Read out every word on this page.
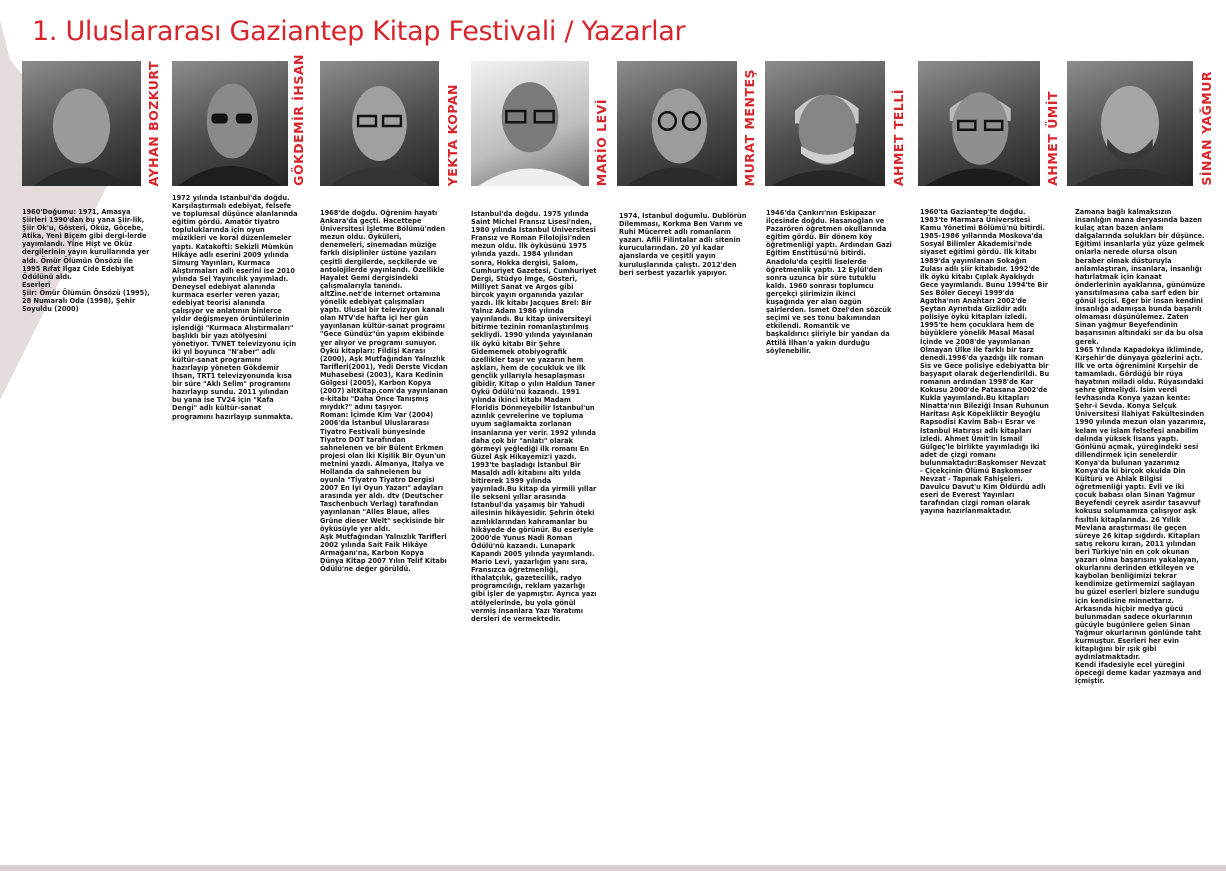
1. Uluslararası Gaziantep Kitap Festivali / Yazarlar
AYHAN BOZKURT

1960'Doğumu: 1971, Amasya Şiirleri 1990'dan bu yana Şiir-lik, Şiir Ok'u, Gösteri, Öküz, Göçebe, Atika, Yeni Biçem gibi dergi-lerde yayımlandı. Yine Hişt ve Öküz dergilerinin yayın kurullarında yer aldı. Ömür Ölümün Önsözü ile 1995 Rıfat Ilgaz Cide Edebiyat Ödülünü aldı.
Eserleri
Şiir: Ömür Ölümün Önsözü (1995), 28 Numaralı Oda (1998), Şehir Soyuldu (2000)

GÖKDEMİR İHSAN

1972 yılında İstanbul'da doğdu. Karşılaştırmalı edebiyat, felsefe ve toplumsal düşünce alanlarında eğitim gördü. Amatör tiyatro topluluklarında için oyun müzikleri ve koral düzenlemeler yaptı. Katakofti: Sekizli Mümkün Hikâye adlı eserini 2009 yılında Simurg Yayınları, Kurmaca Alıştırmaları adlı eserini ise 2010 yılında Sel Yayıncılık yayımladı. Deneysel edebiyat alanında kurmaca eserler veren yazar, edebiyat teorisi alanında çalışıyor ve anlatının binlerce yıldır değişmeyen örüntülerinin işlendiği "Kurmaca Alıştırmaları" başlıklı bir yazı atölyesini yönetiyor. TVNET televizyonu için iki yıl boyunca "N'aber" adlı kültür-sanat programını hazırlayıp yöneten Gökdemir İhsan, TRT1 televizyonunda kısa bir süre "Aklı Selim" programını hazırlayıp sundu. 2011 yılından bu yana ise TV24 için "Kafa Dengi" adlı kültür-sanat programını hazırlayıp sunmakta.

YEKTA KOPAN

1968'de doğdu. Öğrenim hayatı Ankara'da geçti. Hacettepe Üniversitesi İşletme Bölümü'nden mezun oldu. Öyküleri, denemeleri, sinemadan müziğe farklı disiplinler üstüne yazıları çeşitli dergilerde, seçkilerde ve antolojilerde yayınlandı. Özellikle Hayalet Gemi dergisindeki çalışmalarıyla tanındı. altZine.net'de internet ortamına yönelik edebiyat çalışmaları yaptı. Ulusal bir televizyon kanalı olan NTV'de hafta içi her gün yayınlanan kültür-sanat programı "Gece Gündüz"ün yapım ekibinde yer alıyor ve programı sunuyor.
Öykü kitapları: Fildişi Karası (2000), Aşk Mutfağından Yalnızlık Tarifleri(2001), Yedi Derste Vicdan Muhasebesi (2003), Kara Kedinin Gölgesi (2005), Karbon Kopya (2007) altKitap.com'da yayınlanan e-kitabı "Daha Önce Tanışmış mıydık?" adını taşıyor.
Roman: İçimde Kim Var (2004)
2006'da İstanbul Uluslararası Tiyatro Festivali bünyesinde Tiyatro DOT tarafından sahnelenen ve bir Bülent Erkmen projesi olan İki Kişilik Bir Oyun'un metnini yazdı. Almanya, İtalya ve Hollanda da sahnelenen bu oyunla "Tiyatro Tiyatro Dergisi 2007 En İyi Oyun Yazarı" adayları arasında yer aldı. dtv (Deutscher Taschenbuch Verlag) tarafından yayınlanan "Alles Blaue, alles Grüne dieser Welt" seçkisinde bir öyküsüyle yer aldı.
Aşk Mutfağından Yalnızlık Tarifleri 2002 yılında Sait Faik Hikâye Armağanı'na, Karbon Kopya Dünya Kitap 2007 Yılın Telif Kitabı Ödülü'ne değer görüldü.

MARİO LEVİ

İstanbul'da doğdu. 1975 yılında Saint Michel Fransız Lisesi'nden, 1980 yılında İstanbul Üniversitesi Fransız ve Roman Filolojisi'nden mezun oldu. İlk öyküsünü 1975 yılında yazdı. 1984 yılından sonra, Hokka dergisi, Şalom, Cumhuriyet Gazetesi, Cumhuriyet Dergi, Stüdyo İmge, Gösteri, Milliyet Sanat ve Argos gibi birçok yayın organında yazılar yazdı. İlk kitabı Jacques Brel: Bir Yalnız Adam 1986 yılında yayınlandı. Bu kitap üniversiteyi bitirme tezinin romanlaştırılmış şekliydi. 1990 yılında yayınlanan ilk öykü kitabı Bir Şehre Gidememek otobiyografik özellikler taşır ve yazarın hem aşkları, hem de çocukluk ve ilk gençlik yıllarıyla hesaplaşması gibidir. Kitap o yılın Haldun Taner Öykü Ödülü'nü kazandı. 1991 yılında ikinci kitabı Madam Floridis Dönmeyebilir İstanbul'un azınlık çevrelerine ve topluma uyum sağlamakta zorlanan insanlarına yer verir. 1992 yılında daha çok bir "anlatı" olarak görmeyi yeğlediği ilk romanı En Güzel Aşk Hikayemiz'i yazdı. 1993'te başladığı İstanbul Bir Masaldı adlı kitabını altı yılda bitirerek 1999 yılında yayınladı.Bu kitap da yirmili yıllar ile sekseni yıllar arasında İstanbul'da yaşamış bir Yahudi ailesinin hikâyesidir. Şehrin öteki azınlıklarından kahramanlar bu hikâyede de görünür. Bu eseriyle 2000'de Yunus Nadi Roman Ödülü'nü kazandı. Lunapark Kapandı 2005 yılında yayımlandı.
Mario Levi, yazarlığın yanı sıra, Fransızca öğretmenliği, ithalatçılık, gazetecilik, radyo programcılığı, reklam yazarlığı gibi işler de yapmıştır. Ayrıca yazı atölyelerinde, bu yola gönül vermiş insanlara Yazı Yaratımı dersleri de vermektedir.

MURAT MENTEŞ

1974, İstanbul doğumlu. Dublörün Dilemması, Korkma Ben Varım ve Ruhi Mücerret adlı romanların yazarı. Afili Filintalar adlı sitenin kurucularından. 20 yıl kadar ajanslarda ve çeşitli yayın kuruluşlarında çalıştı. 2012'den beri serbest yazarlık yapıyor.

AHMET TELLİ

1946'da Çankırı'nın Eskipazar ilçesinde doğdu. Hasanoğlan ve Pazarören öğretmen okullarında eğitim gördü. Bir dönem köy öğretmenliği yaptı. Ardından Gazi Eğitim Enstitüsü'nü bitirdi. Anadolu'da çeşitli liselerde öğretmenlik yaptı. 12 Eylül'den sonra uzunca bir süre tutuklu kaldı. 1960 sonrası toplumcu gerçekçi şiirimizin ikinci kuşağında yer alan özgün şairlerden. İsmet Özel'den sözcük seçimi ve ses tonu bakımından etkilendi. Romantik ve başkaldırıcı şiiriyle bir yandan da Attilâ İlhan'a yakın durduğu söylenebilir.

AHMET ÜMİT

1960'ta Gaziantep'te doğdu. 1983'te Marmara Üniversitesi Kamu Yönetimi Bölümü'nü bitirdi. 1985-1986 yıllarında Moskova'da Sosyal Bilimler Akademisi'nde siyaset eğitimi gördü. İlk kitabı 1989'da yayımlanan Sokağın Zulası adlı şiir kitabıdır. 1992'de ilk öykü kitabı Çıplak Ayaklıydı Gece yayımlandı. Bunu 1994'te Bir Ses Böler Geceyi 1999'da Agatha'nın Anahtarı 2002'de Şeytan Ayrıntıda Gizlidir adlı polisiye öykü kitapları izledi. 1995'te hem çocuklara hem de büyüklere yönelik Masal Masal İçinde ve 2008'de yayımlanan Olmayan Ülke ile farklı bir tarz denedi.1996'da yazdığı ilk roman Sis ve Gece polisiye edebiyatta bir başyapıt olarak değerlendirildi. Bu romanın ardından 1998'de Kar Kokusu 2000'de Patasana 2002'de Kukla yayımlandı.Bu kitapları Ninatta'nın Bileziği İnsan Ruhunun Haritası Aşk Köpekliktir Beyoğlu Rapsodisi Kavim Bab-ı Esrar ve İstanbul Hatırası adlı kitapları izledi. Ahmet Ümit'in İsmail Gülgeç'le birlikte yayımladığı iki adet de çizgi romanı bulunmaktadır:Başkomser Nevzat - Çiçekçinin Ölümü Başkomser Nevzat - Tapınak Fahişeleri. Davulcu Davut'u Kim Öldürdü adlı eseri de Everest Yayınları tarafından çizgi roman olarak yayına hazırlanmaktadır.

SİNAN YAĞMUR

Zamana bağlı kalmaksızın insanlığın mana deryasında bazen kulaç atan bazen anlam dalgalarında solukları bir düşünce. Eğitimi insanlarla yüz yüze gelmek onlarla nerede olursa olsun beraber olmak düsturuyla anlamlaştıran, insanlara, insanlığı hatırlatmak için kanaat önderlerinin ayaklarına, günümüze yansıtılmasına çaba sarf eden bir gönül işçisi. Eğer bir insan kendini insanlığa adamışsa bunda başarılı olmaması düşünülemez. Zaten Sinan yağmur Beyefendinin başarısının altındaki sır da bu olsa gerek.
1965 Yılında Kapadokya ikliminde, Kırşehir'de dünyaya gözlerini açtı. İlk ve orta öğrenimini Kırşehir de tamamladı. Gördüğü bir rüya hayatının miladi oldu. Rüyasındaki şehre gitmeliydi. İsim verdi levhasında Konya yazan kente: Şehr-i Sevda. Konya Selçuk Üniversitesi İlahiyat Fakültesinden 1990 yılında mezun olan yazarımız, kelam ve islam felsefesi anabilim dalında yüksek lisans yaptı. Gönlünü açmak, yüreğindeki sesi dillendirmek için senelerdir Konya'da bulunan yazarımız Konya'da ki birçok okulda Din Kültürü ve Ahlak Bilgisi öğretmenliği yaptı. Evli ve iki çocuk babası olan Sinan Yağmur Beyefendi çeyrek asırdır tasavvuf kokusu solumamıza çalışıyor aşk fısıltılı kitaplarında. 26 Yıllık Mevlana araştırması ile geçen süreye 26 kitap sığdırdı. Kitapları satış rekoru kıran, 2011 yılından beri Türkiye'nin en çok okunan yazarı olma başarısını yakalayan, okurlarını derinden etkileyen ve kaybolan benliğimizi tekrar kendimize getirmemizi sağlayan bu güzel eserleri bizlere sunduğu için kendisine minnettarız.
Arkasında hiçbir medya gücü bulunmadan sadece okurlarının gücüyle bugünlere gelen Sinan Yağmur okurlarının gönlünde taht kurmuştur. Eserleri her evin kitaplığını bir ışık gibi aydınlatmaktadır.
Kendi ifadesiyle ecel yüreğini öpeceği deme kadar yazmaya and içmiştir.
